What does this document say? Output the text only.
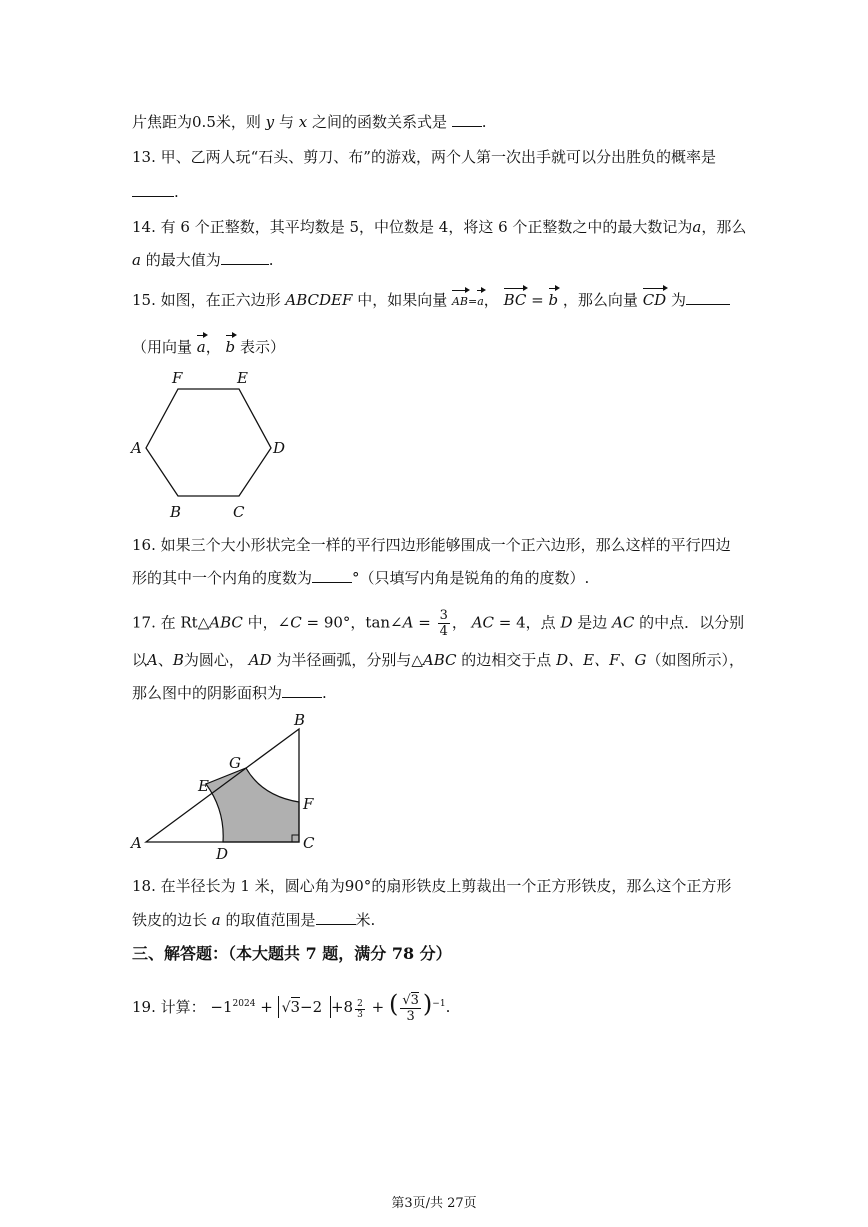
片焦距为0.5米，则 y 与 x 之间的函数关系式是 .
13. 甲、乙两人玩“石头、剪刀、布”的游戏，两个人第一次出手就可以分出胜负的概率是
.
14. 有 6 个正整数，其平均数是 5，中位数是 4，将这 6 个正整数之中的最大数记为a，那么
a 的最大值为	.
15. 如图，在正六边形 ABCDEF 中，如果向量 AB=a， BC = b ，那么向量 CD 为
（用向量 a， b 表示）
F	E
A	D
B	C
16. 如果三个大小形状完全一样的平行四边形能够围成一个正六边形，那么这样的平行四边
形的其中一个内角的度数为	°（只填写内角是锐角的角的度数）.
17. 在 Rt△ABC 中，∠C = 90°，tan∠A = $\frac{3}{4}$ ， AC = 4，点 D 是边 AC 的中点．以分别
以A、B为圆心， AD 为半径画弧，分别与△ABC 的边相交于点 D、E、F、G（如图所示），
那么图中的阴影面积为	.
B
G
E
F
A
D
C
18. 在半径长为 1 米，圆心角为90°的扇形铁皮上剪裁出一个正方形铁皮，那么这个正方形
铁皮的边长 a 的取值范围是	米.
三、解答题：（本大题共 7 题，满分 78 分）
19. 计算： $-1^{2024} + √3-2 +8 \frac{2}{3}$ + ( $\frac{√3}{3} )^{-1}$.
第3页/共 27页
